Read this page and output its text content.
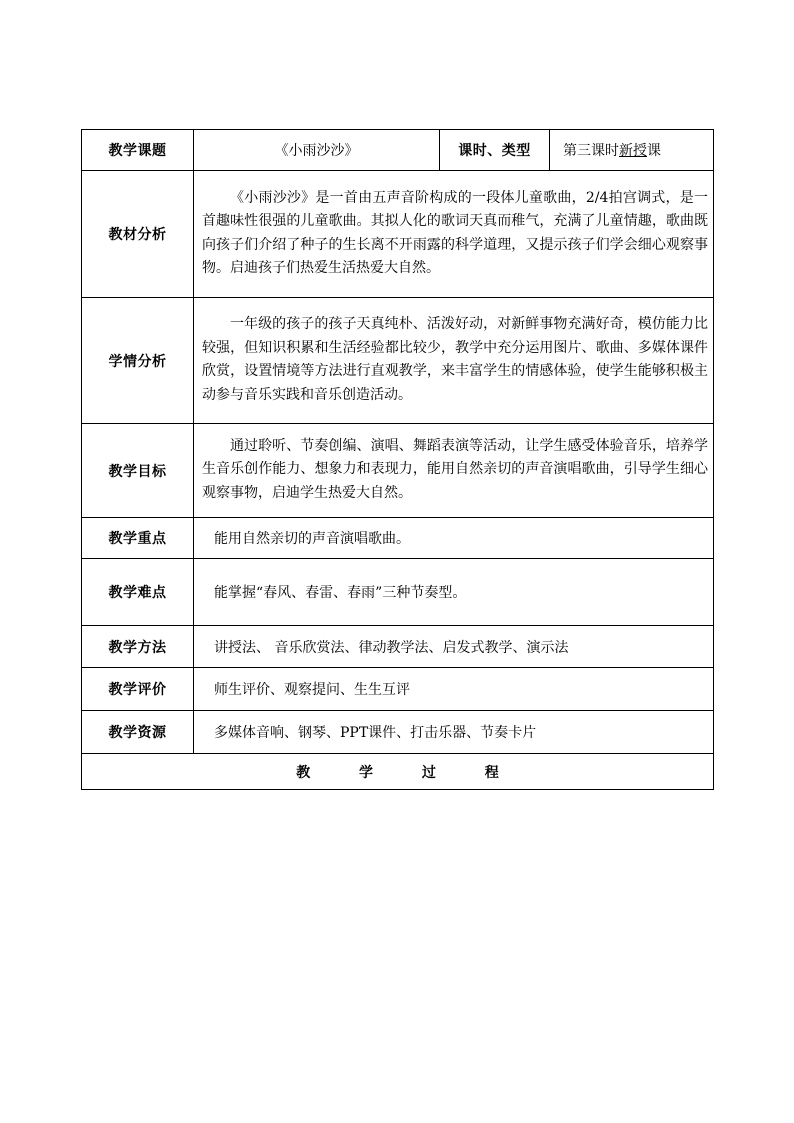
教学课题	《小雨沙沙》	课时、类型	第三课时新授课
教材分析	《小雨沙沙》是一首由五声音阶构成的一段体儿童歌曲，2/4拍宫调式，是一首趣味性很强的儿童歌曲。其拟人化的歌词天真而稚气，充满了儿童情趣，歌曲既向孩子们介绍了种子的生长离不开雨露的科学道理，又提示孩子们学会细心观察事物。启迪孩子们热爱生活热爱大自然。		
学情分析	一年级的孩子的孩子天真纯朴、活泼好动，对新鲜事物充满好奇，模仿能力比较强，但知识积累和生活经验都比较少，教学中充分运用图片、歌曲、多媒体课件欣赏，设置情境等方法进行直观教学，来丰富学生的情感体验，使学生能够积极主动参与音乐实践和音乐创造活动。		
教学目标	通过聆听、节奏创编、演唱、舞蹈表演等活动，让学生感受体验音乐，培养学生音乐创作能力、想象力和表现力，能用自然亲切的声音演唱歌曲，引导学生细心观察事物，启迪学生热爱大自然。		
教学重点	能用自然亲切的声音演唱歌曲。		
教学难点	能掌握“春风、春雷、春雨”三种节奏型。		
教学方法	讲授法、 音乐欣赏法、律动教学法、启发式教学、演示法		
教学评价	师生评价、观察提问、生生互评		
教学资源	多媒体音响、钢琴、PPT课件、打击乐器、节奏卡片		
教 学 过 程			
